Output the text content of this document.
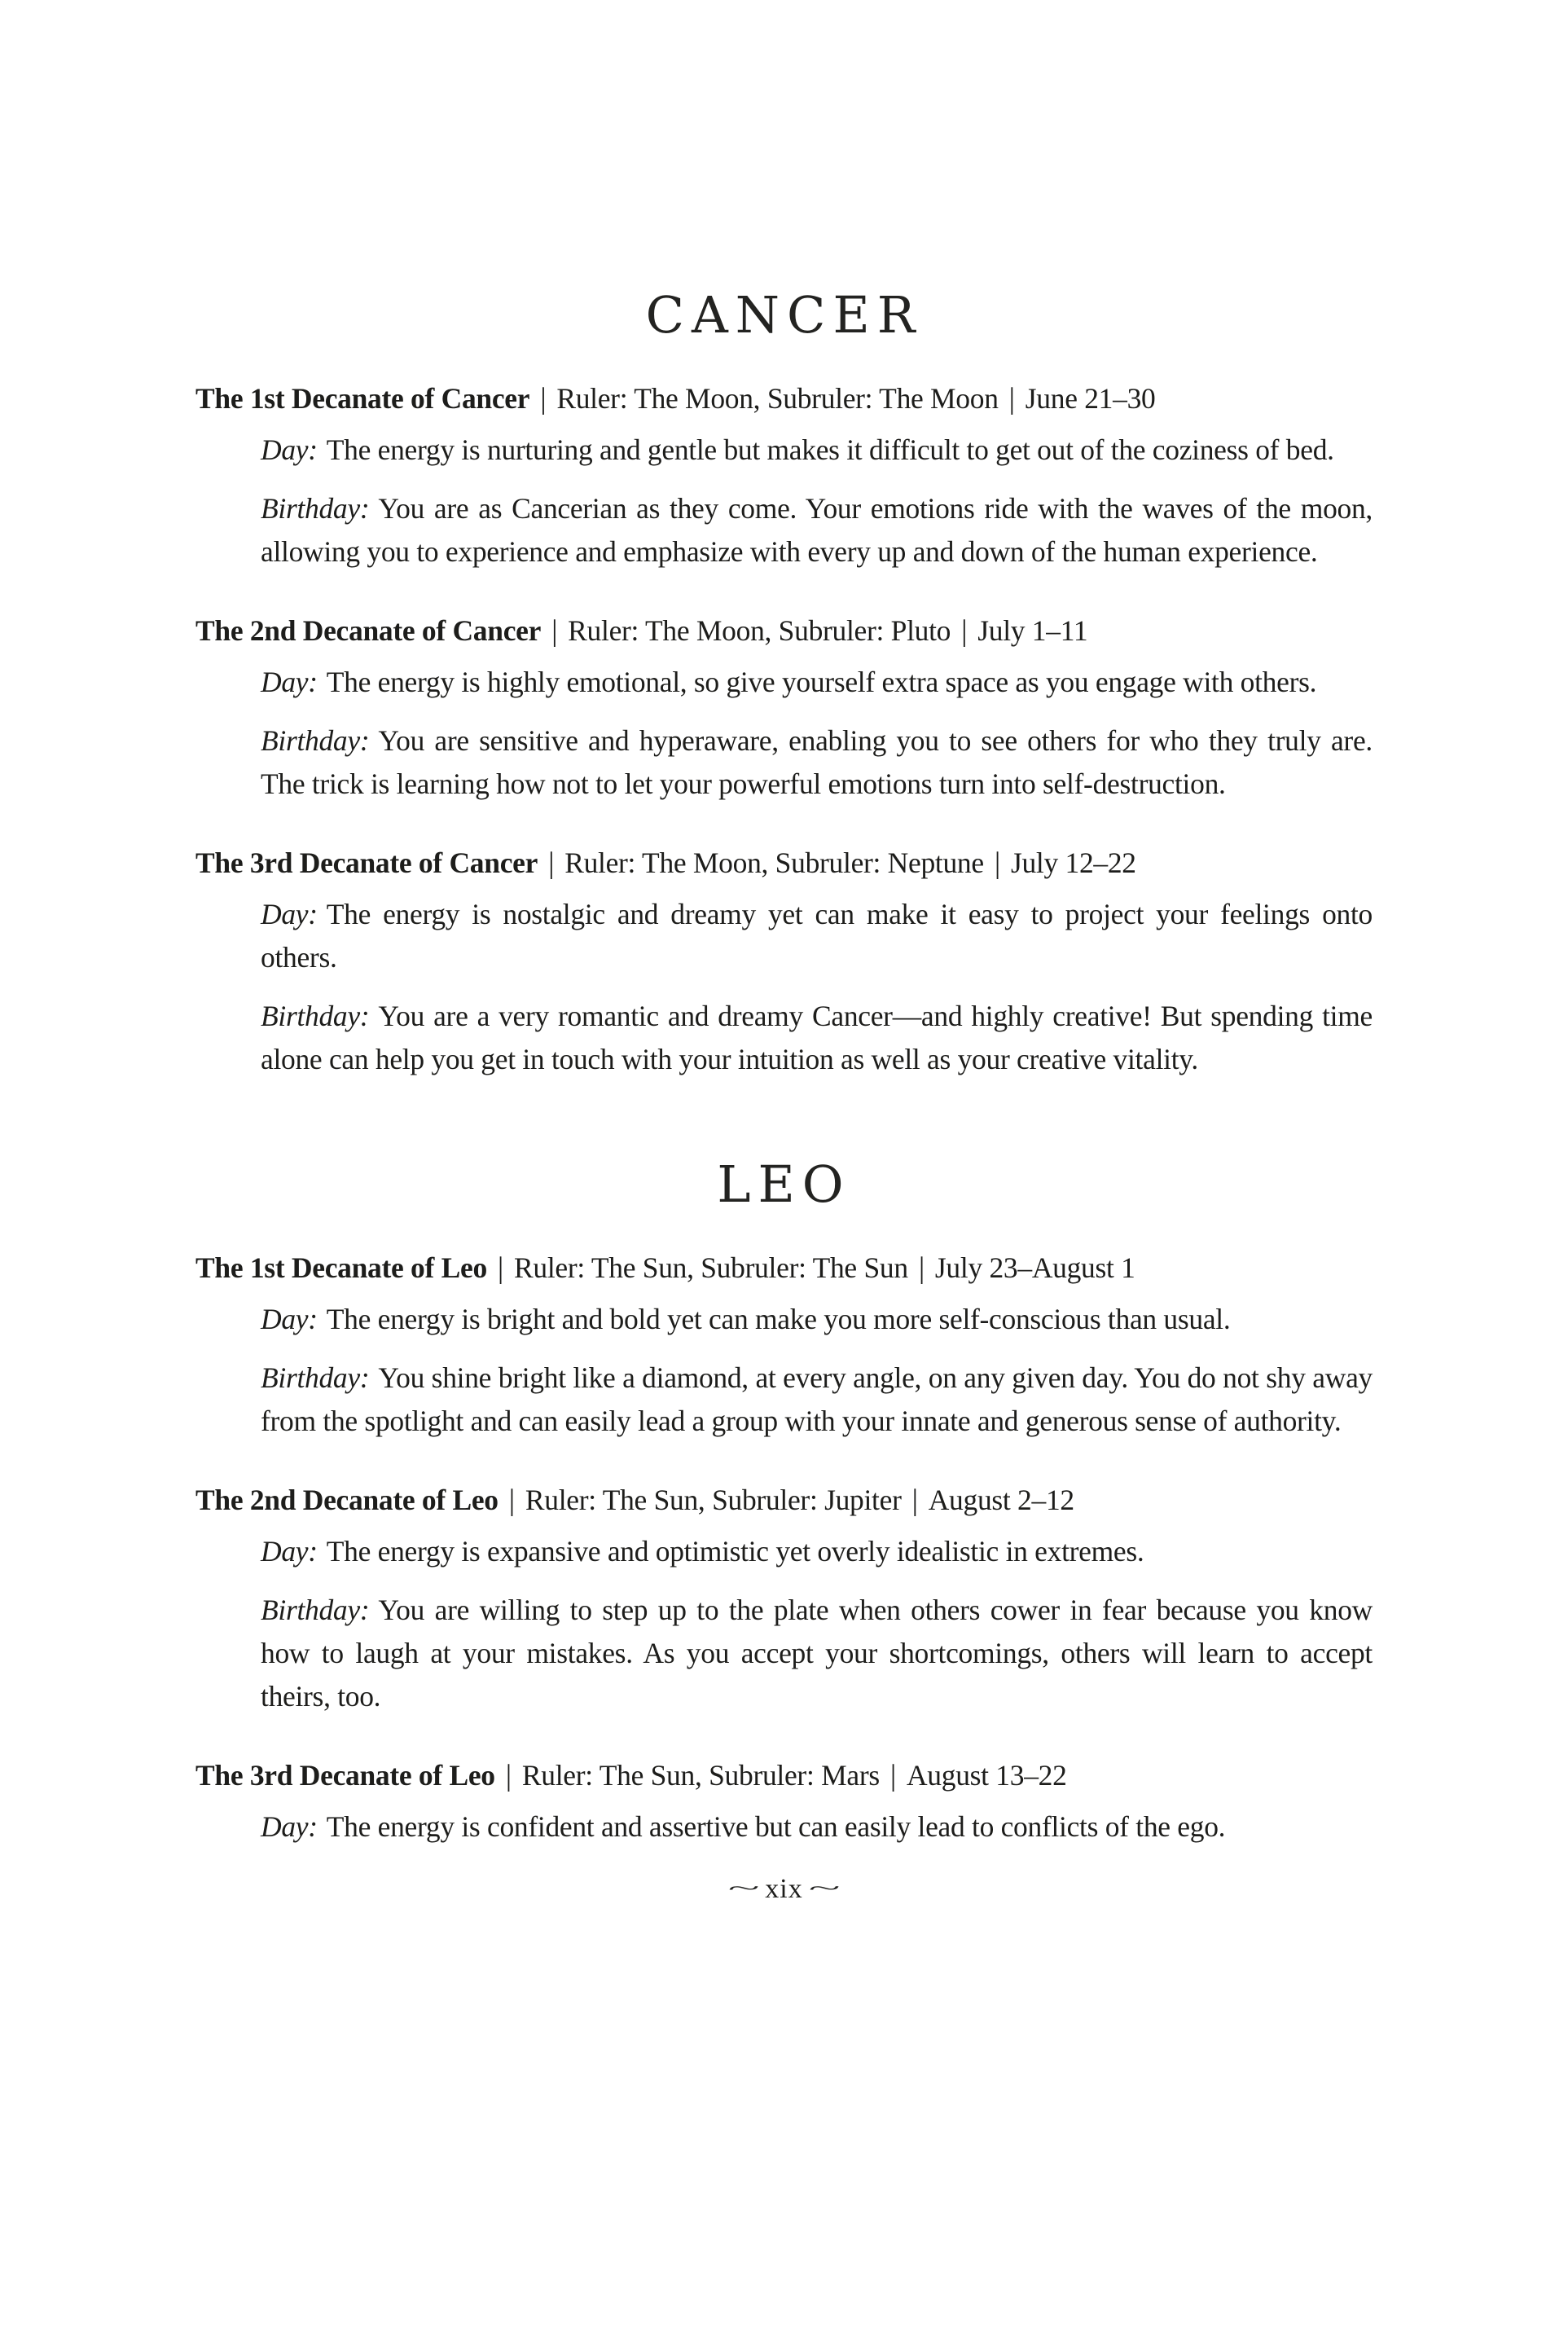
CANCER
The 1st Decanate of Cancer | Ruler: The Moon, Subruler: The Moon | June 21–30

Day: The energy is nurturing and gentle but makes it difficult to get out of the coziness of bed.

Birthday: You are as Cancerian as they come. Your emotions ride with the waves of the moon, allowing you to experience and emphasize with every up and down of the human experience.

The 2nd Decanate of Cancer | Ruler: The Moon, Subruler: Pluto | July 1–11

Day: The energy is highly emotional, so give yourself extra space as you engage with others.

Birthday: You are sensitive and hyperaware, enabling you to see others for who they truly are. The trick is learning how not to let your powerful emotions turn into self-destruction.

The 3rd Decanate of Cancer | Ruler: The Moon, Subruler: Neptune | July 12–22

Day: The energy is nostalgic and dreamy yet can make it easy to project your feelings onto others.

Birthday: You are a very romantic and dreamy Cancer—and highly creative! But spending time alone can help you get in touch with your intuition as well as your creative vitality.

LEO
The 1st Decanate of Leo | Ruler: The Sun, Subruler: The Sun | July 23–August 1

Day: The energy is bright and bold yet can make you more self-conscious than usual.

Birthday: You shine bright like a diamond, at every angle, on any given day. You do not shy away from the spotlight and can easily lead a group with your innate and generous sense of authority.

The 2nd Decanate of Leo | Ruler: The Sun, Subruler: Jupiter | August 2–12

Day: The energy is expansive and optimistic yet overly idealistic in extremes.

Birthday: You are willing to step up to the plate when others cower in fear because you know how to laugh at your mistakes. As you accept your shortcomings, others will learn to accept theirs, too.

The 3rd Decanate of Leo | Ruler: The Sun, Subruler: Mars | August 13–22

Day: The energy is confident and assertive but can easily lead to conflicts of the ego.

~ xix ~
